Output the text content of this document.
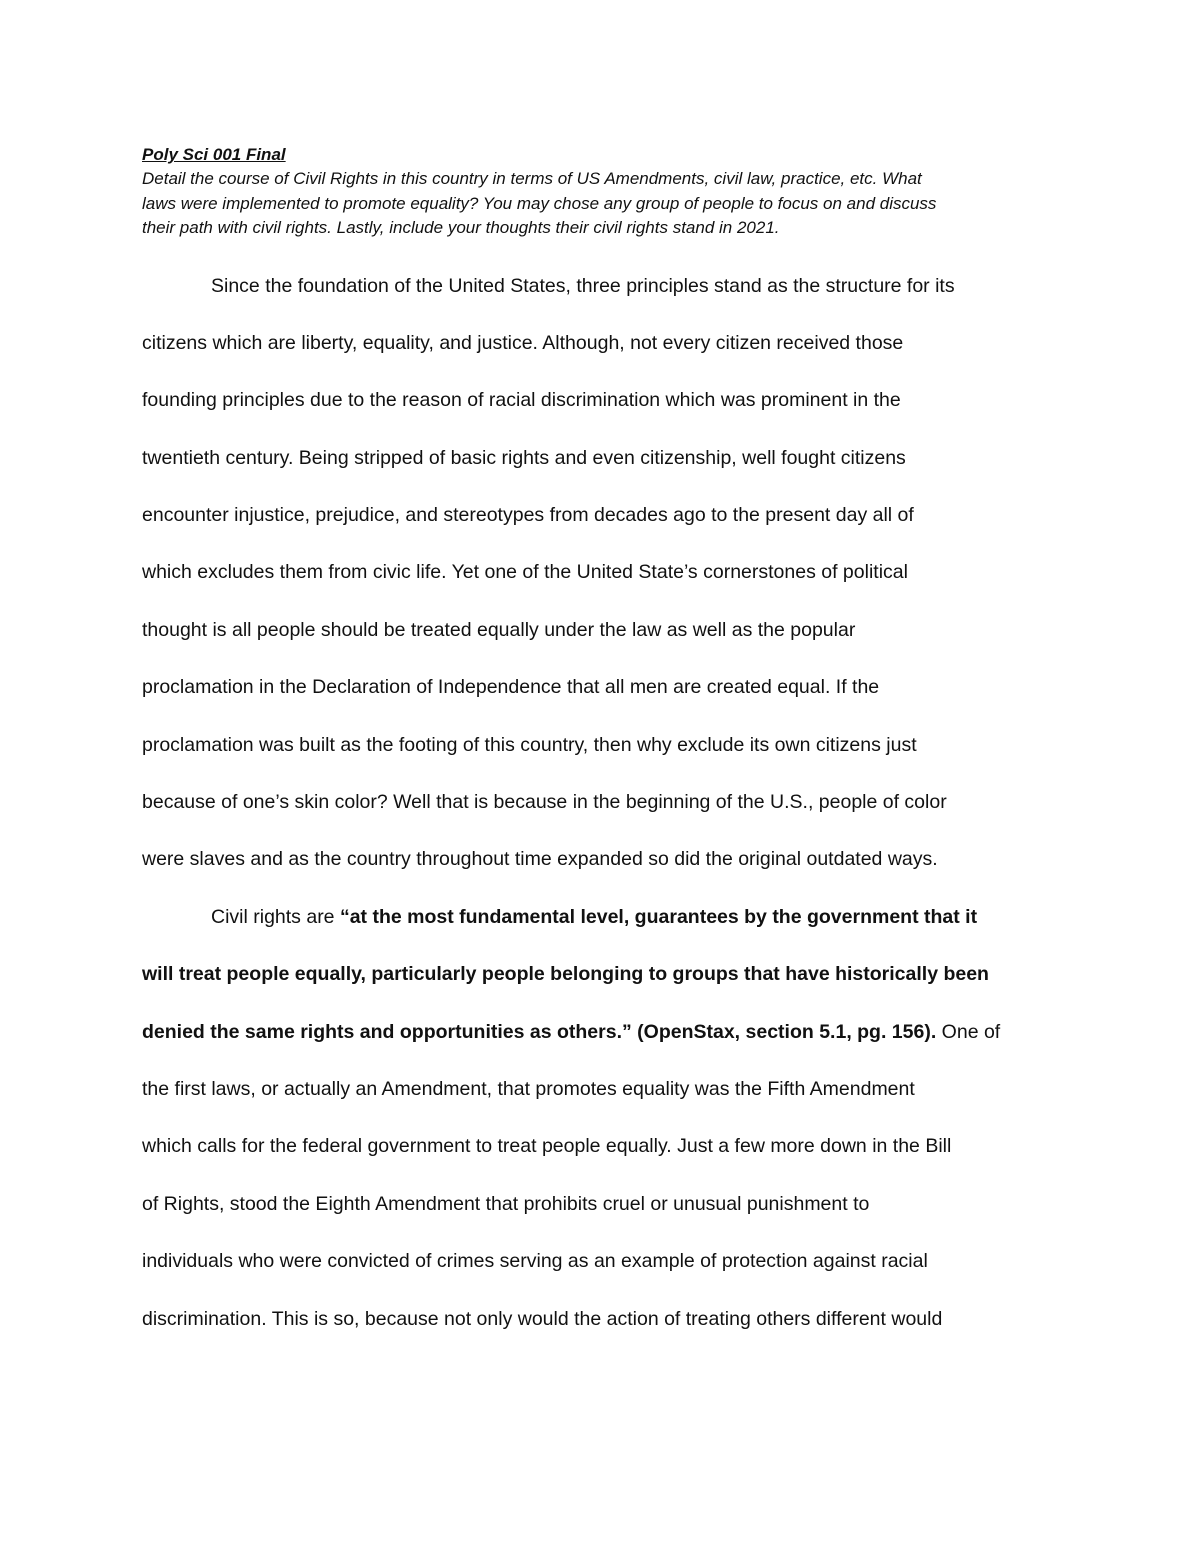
Poly Sci 001 Final

Detail the course of Civil Rights in this country in terms of US Amendments, civil law, practice, etc. What

laws were implemented to promote equality? You may chose any group of people to focus on and discuss

their path with civil rights. Lastly, include your thoughts their civil rights stand in 2021.

Since the foundation of the United States, three principles stand as the structure for its

citizens which are liberty, equality, and justice. Although, not every citizen received those

founding principles due to the reason of racial discrimination which was prominent in the

twentieth century. Being stripped of basic rights and even citizenship, well fought citizens

encounter injustice, prejudice, and stereotypes from decades ago to the present day all of

which excludes them from civic life. Yet one of the United State’s cornerstones of political

thought is all people should be treated equally under the law as well as the popular

proclamation in the Declaration of Independence that all men are created equal. If the

proclamation was built as the footing of this country, then why exclude its own citizens just

because of one’s skin color? Well that is because in the beginning of the U.S., people of color

were slaves and as the country throughout time expanded so did the original outdated ways.

Civil rights are “at the most fundamental level, guarantees by the government that it

will treat people equally, particularly people belonging to groups that have historically been

denied the same rights and opportunities as others.” (OpenStax, section 5.1, pg. 156). One of

the first laws, or actually an Amendment, that promotes equality was the Fifth Amendment

which calls for the federal government to treat people equally. Just a few more down in the Bill

of Rights, stood the Eighth Amendment that prohibits cruel or unusual punishment to

individuals who were convicted of crimes serving as an example of protection against racial

discrimination. This is so, because not only would the action of treating others different would
